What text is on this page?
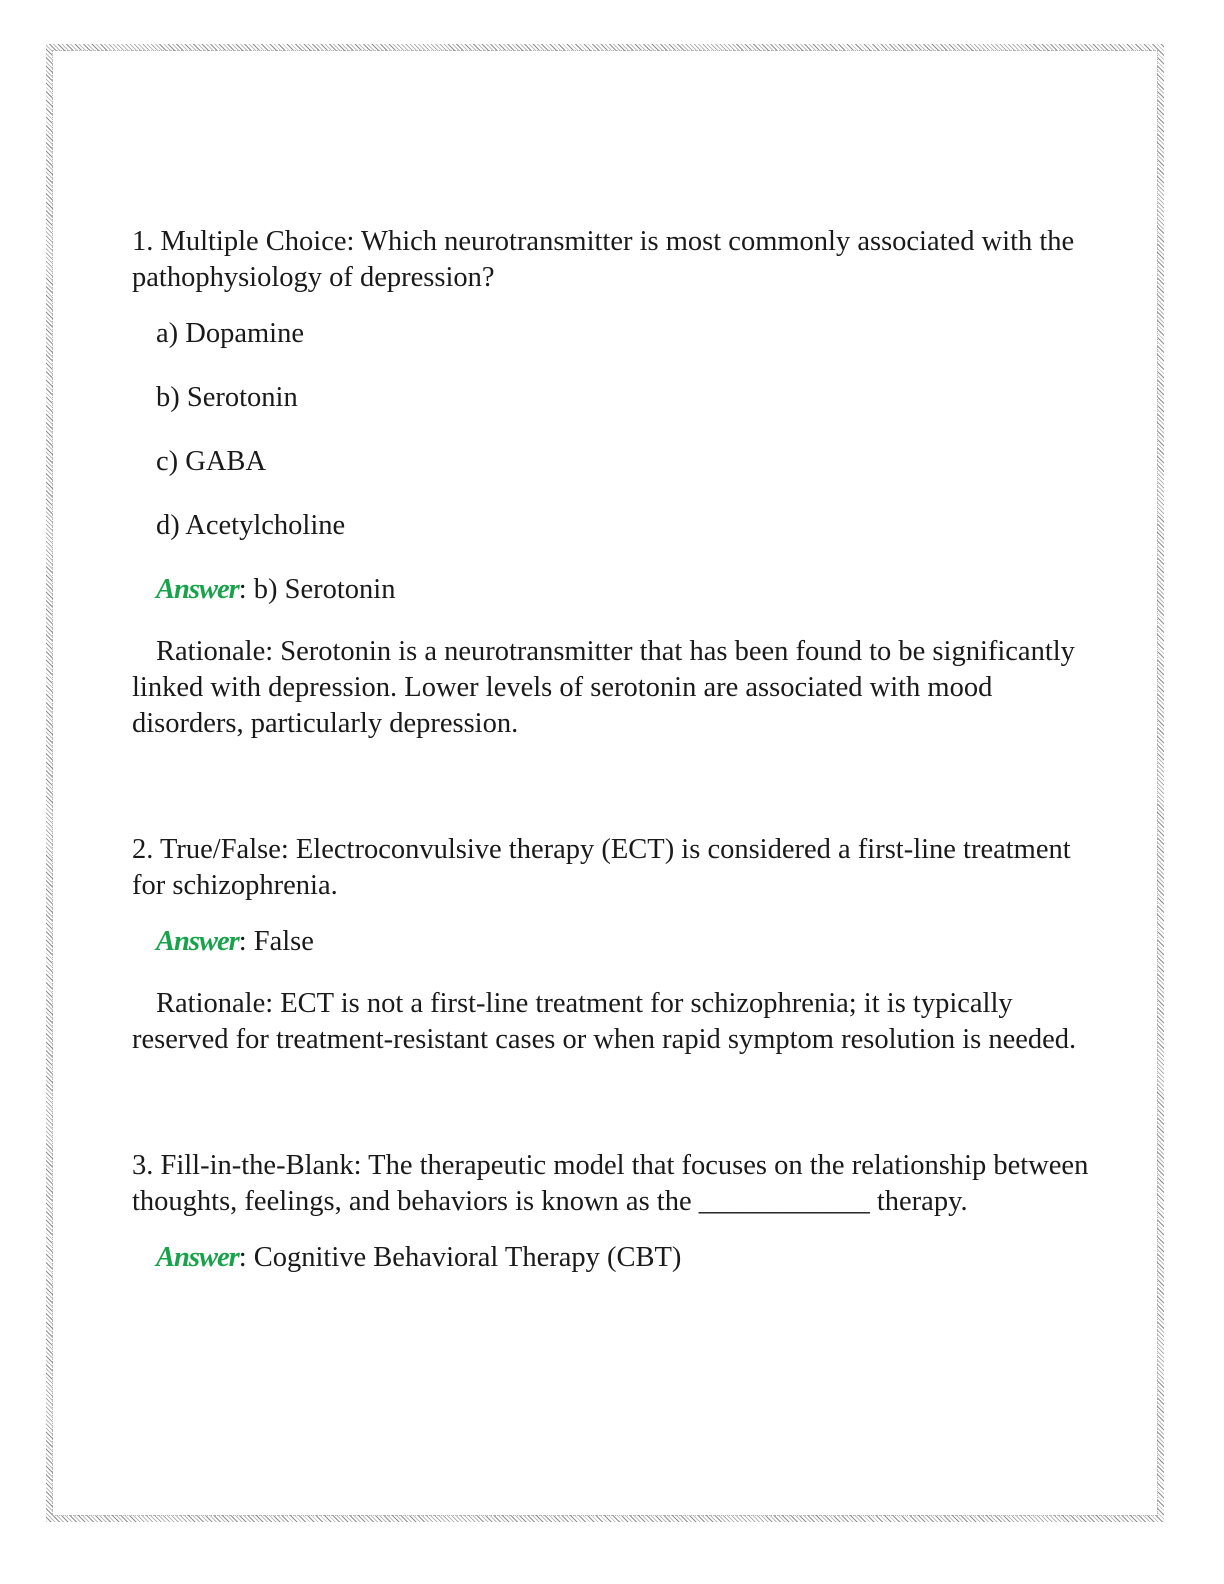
1. Multiple Choice: Which neurotransmitter is most commonly associated with the pathophysiology of depression?

a) Dopamine

b) Serotonin

c) GABA

d) Acetylcholine

Answer: b) Serotonin

Rationale: Serotonin is a neurotransmitter that has been found to be significantly linked with depression. Lower levels of serotonin are associated with mood disorders, particularly depression.

2. True/False: Electroconvulsive therapy (ECT) is considered a first-line treatment for schizophrenia.

Answer: False

Rationale: ECT is not a first-line treatment for schizophrenia; it is typically reserved for treatment-resistant cases or when rapid symptom resolution is needed.

3. Fill-in-the-Blank: The therapeutic model that focuses on the relationship between thoughts, feelings, and behaviors is known as the ____________ therapy.

Answer: Cognitive Behavioral Therapy (CBT)
